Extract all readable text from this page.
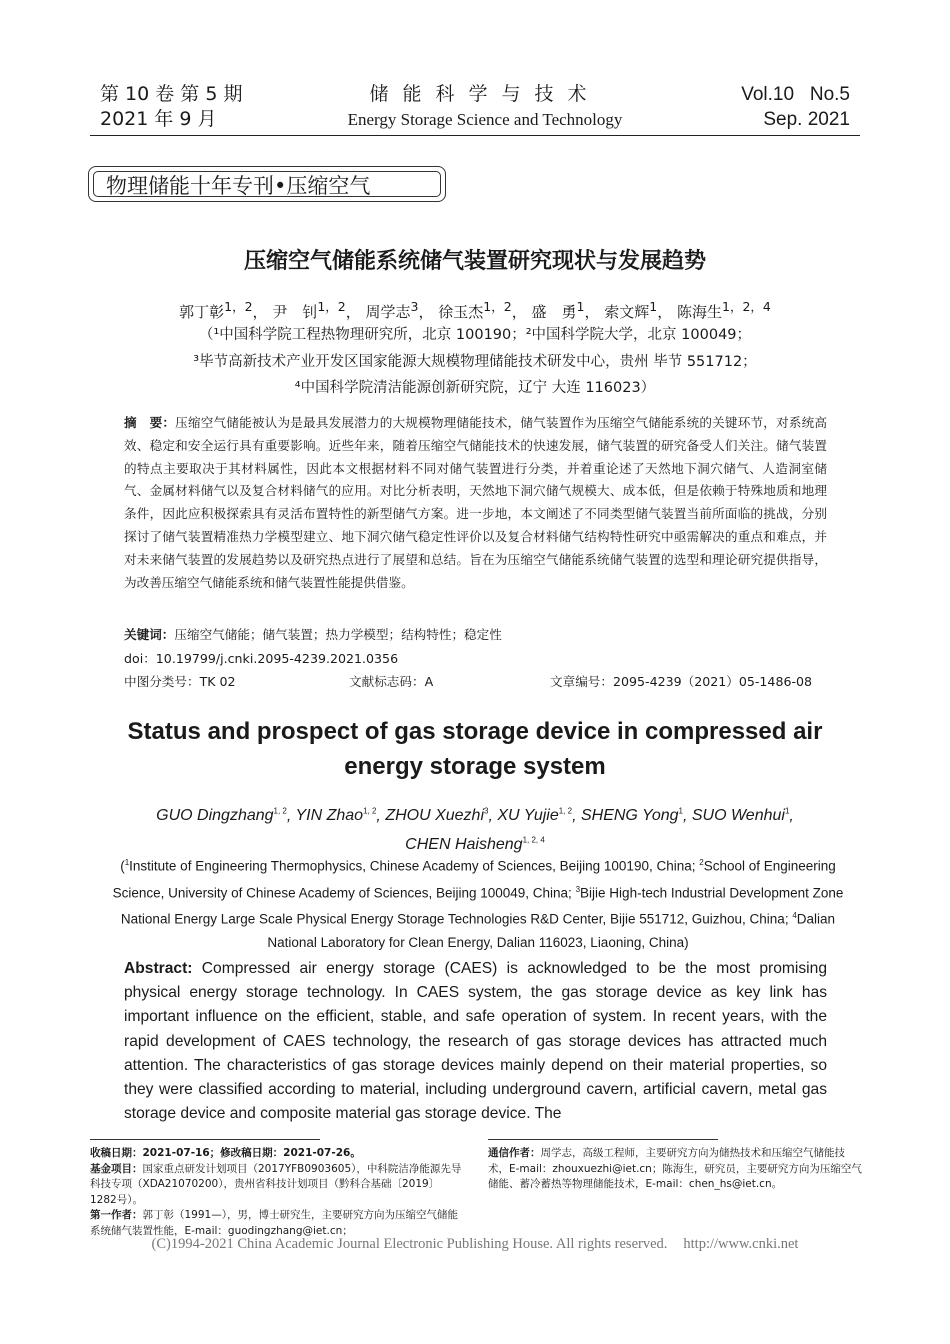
第 10 卷 第 5 期
2021 年 9 月
储能科学与技术
Energy Storage Science and Technology
Vol.10   No.5
Sep. 2021
物理储能十年专刊•压缩空气
压缩空气储能系统储气装置研究现状与发展趋势
郭丁彰$^{1,2}$， 尹　钊$^{1,2}$， 周学志$^3$， 徐玉杰$^{1,2}$， 盛　勇$^1$， 索文辉$^1$， 陈海生$^{1,2,4}$
（¹中国科学院工程热物理研究所，北京 100190；²中国科学院大学，北京 100049；
³毕节高新技术产业开发区国家能源大规模物理储能技术研发中心，贵州 毕节 551712；
⁴中国科学院清洁能源创新研究院，辽宁 大连 116023）
摘　要：压缩空气储能被认为是最具发展潜力的大规模物理储能技术，储气装置作为压缩空气储能系统的关键环节，对系统高效、稳定和安全运行具有重要影响。近些年来，随着压缩空气储能技术的快速发展，储气装置的研究备受人们关注。储气装置的特点主要取决于其材料属性，因此本文根据材料不同对储气装置进行分类，并着重论述了天然地下洞穴储气、人造洞室储气、金属材料储气以及复合材料储气的应用。对比分析表明，天然地下洞穴储气规模大、成本低，但是依赖于特殊地质和地理条件，因此应积极探索具有灵活布置特性的新型储气方案。进一步地，本文阐述了不同类型储气装置当前所面临的挑战，分别探讨了储气装置精准热力学模型建立、地下洞穴储气稳定性评价以及复合材料储气结构特性研究中亟需解决的重点和难点，并对未来储气装置的发展趋势以及研究热点进行了展望和总结。旨在为压缩空气储能系统储气装置的选型和理论研究提供指导，为改善压缩空气储能系统和储气装置性能提供借鉴。
关键词：压缩空气储能；储气装置；热力学模型；结构特性；稳定性
doi：10.19799/j.cnki.2095-4239.2021.0356
中图分类号：TK 02	文献标志码：A	文章编号：2095-4239（2021）05-1486-08
Status and prospect of gas storage device in compressed air
energy storage system
GUO Dingzhang$^{1, 2}$, YIN Zhao$^{1, 2}$, ZHOU Xuezhi$^3$, XU Yujie$^{1, 2}$, SHENG Yong$^1$, SUO Wenhui$^1$,
CHEN Haisheng$^{1, 2, 4}$
($^1$Institute of Engineering Thermophysics, Chinese Academy of Sciences, Beijing 100190, China; $^2$School of Engineering Science, University of Chinese Academy of Sciences, Beijing 100049, China; $^3$Bijie High-tech Industrial Development Zone National Energy Large Scale Physical Energy Storage Technologies R&D Center, Bijie 551712, Guizhou, China; $^4$Dalian National Laboratory for Clean Energy, Dalian 116023, Liaoning, China)
Abstract: Compressed air energy storage (CAES) is acknowledged to be the most promising physical energy storage technology. In CAES system, the gas storage device as key link has important influence on the efficient, stable, and safe operation of system. In recent years, with the rapid development of CAES technology, the research of gas storage devices has attracted much attention. The characteristics of gas storage devices mainly depend on their material properties, so they were classified according to material, including underground cavern, artificial cavern, metal gas storage device and composite material gas storage device. The
收稿日期：2021-07-16；修改稿日期：2021-07-26。
基金项目：国家重点研发计划项目（2017YFB0903605），中科院洁净能源先导科技专项（XDA21070200），贵州省科技计划项目（黔科合基础〔2019〕1282号）。
第一作者：郭丁彰（1991—），男，博士研究生，主要研究方向为压缩空气储能系统储气装置性能，E-mail：guodingzhang@iet.cn；
通信作者：周学志，高级工程师，主要研究方向为储热技术和压缩空气储能技术，E-mail：zhouxuezhi@iet.cn；陈海生，研究员，主要研究方向为压缩空气储能、蓄冷蓄热等物理储能技术，E-mail：chen_hs@iet.cn。
(C)1994-2021 China Academic Journal Electronic Publishing House. All rights reserved. http://www.cnki.net
